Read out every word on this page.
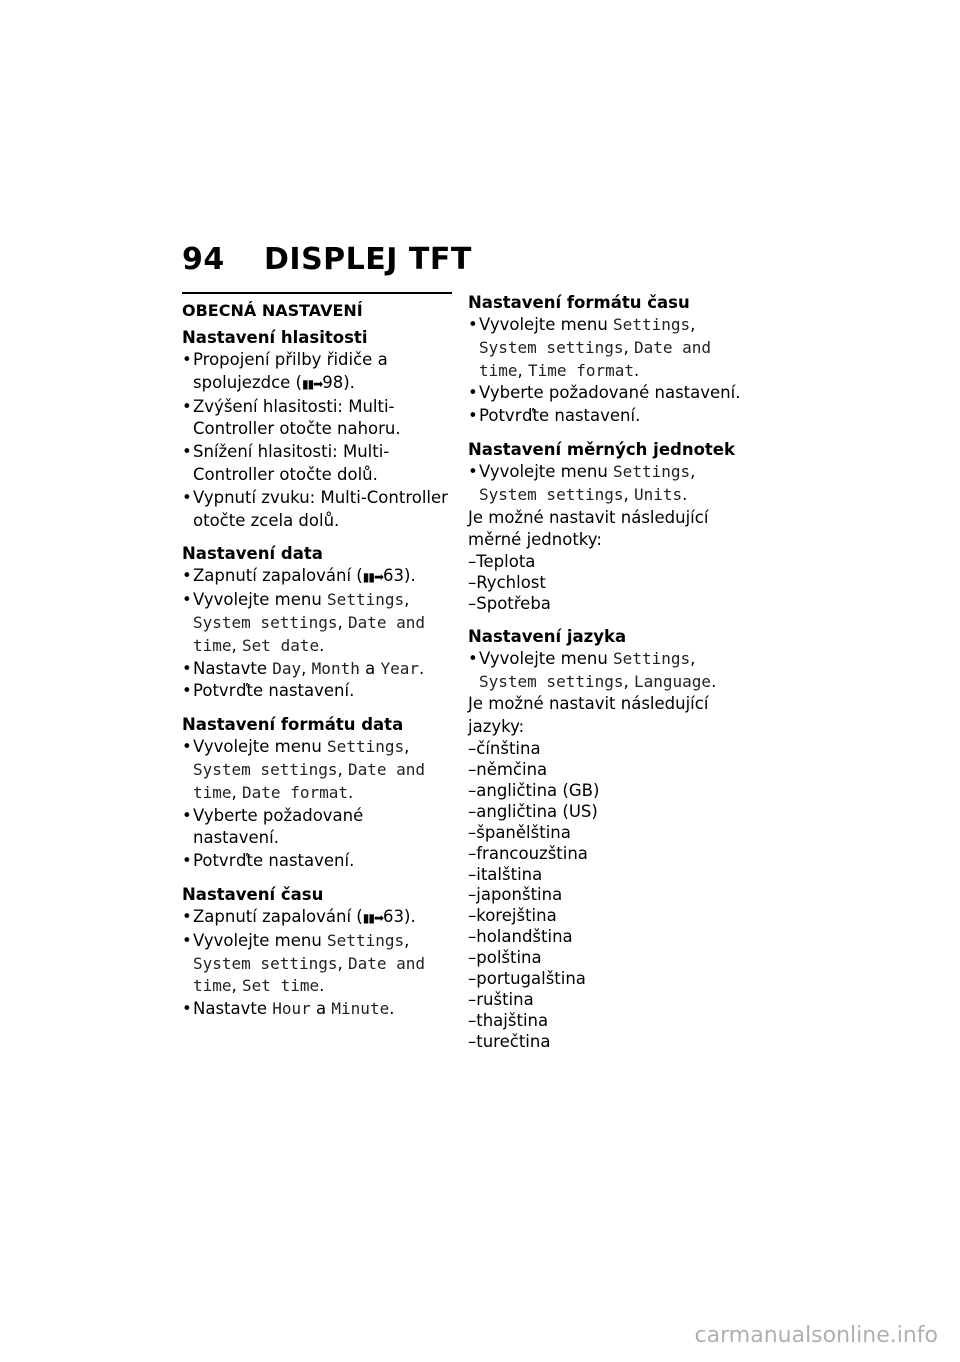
94 DISPLEJ TFT
OBECNÁ NASTAVENÍ
Nastavení hlasitosti
• Propojení přilby řidiče a spolujezdce (▮▮➡98).
• Zvýšení hlasitosti: Multi-Controller otočte nahoru.
• Snížení hlasitosti: Multi-Controller otočte dolů.
• Vypnutí zvuku: Multi-Controller otočte zcela dolů.
Nastavení data
• Zapnutí zapalování (▮▮➡63).
• Vyvolejte menu Settings, System settings, Date and time, Set date.
• Nastavte Day, Month a Year.
• Potvrďte nastavení.
Nastavení formátu data
• Vyvolejte menu Settings, System settings, Date and time, Date format.
• Vyberte požadované nastavení.
• Potvrďte nastavení.
Nastavení času
• Zapnutí zapalování (▮▮➡63).
• Vyvolejte menu Settings, System settings, Date and time, Set time.
• Nastavte Hour a Minute.
Nastavení formátu času
• Vyvolejte menu Settings, System settings, Date and time, Time format.
• Vyberte požadované nastavení.
• Potvrďte nastavení.
Nastavení měrných jednotek
• Vyvolejte menu Settings, System settings, Units.

Je možné nastavit následující měrné jednotky:

–Teplota
–Rychlost
–Spotřeba
Nastavení jazyka
• Vyvolejte menu Settings, System settings, Language.

Je možné nastavit následující jazyky:

–čínština
–němčina
–angličtina (GB)
–angličtina (US)
–španělština
–francouzština
–italština
–japonština
–korejština
–holandština
–polština
–portugalština
–ruština
–thajština
–turečtina
carmanualsonline.info
